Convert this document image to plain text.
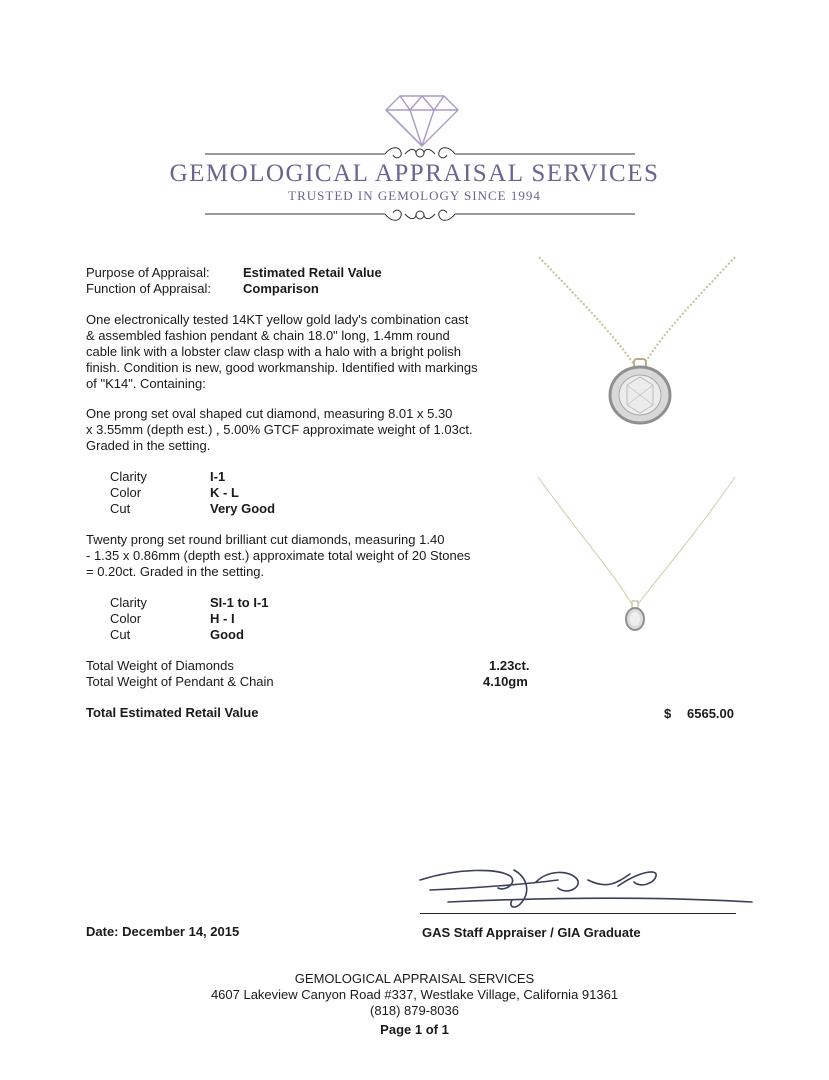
GEMOLOGICAL APPRAISAL SERVICES
TRUSTED IN GEMOLOGY SINCE 1994
Purpose of Appraisal:	Estimated Retail Value
Function of Appraisal: Comparison
One electronically tested 14KT yellow gold lady's combination cast
& assembled fashion pendant & chain 18.0" long, 1.4mm round
cable link with a lobster claw clasp with a halo with a bright polish
finish. Condition is new, good workmanship. Identified with markings
of "K14". Containing:
One prong set oval shaped cut diamond, measuring 8.01 x 5.30
x 3.55mm (depth est.) , 5.00% GTCF approximate weight of 1.03ct.
Graded in the setting.
Clarity	I-1
Color	K - L
Cut	Very Good
Twenty prong set round brilliant cut diamonds, measuring 1.40
- 1.35 x 0.86mm (depth est.) approximate total weight of 20 Stones
= 0.20ct. Graded in the setting.
Clarity	SI-1 to I-1
Color	H - I
Cut	Good
Total Weight of Diamonds	1.23ct.
Total Weight of Pendant & Chain	4.10gm
Total Estimated Retail Value	$ 6565.00
Date: December 14, 2015	GAS Staff Appraiser / GIA Graduate
GEMOLOGICAL APPRAISAL SERVICES
4607 Lakeview Canyon Road #337, Westlake Village, California 91361
(818) 879-8036
Page 1 of 1
